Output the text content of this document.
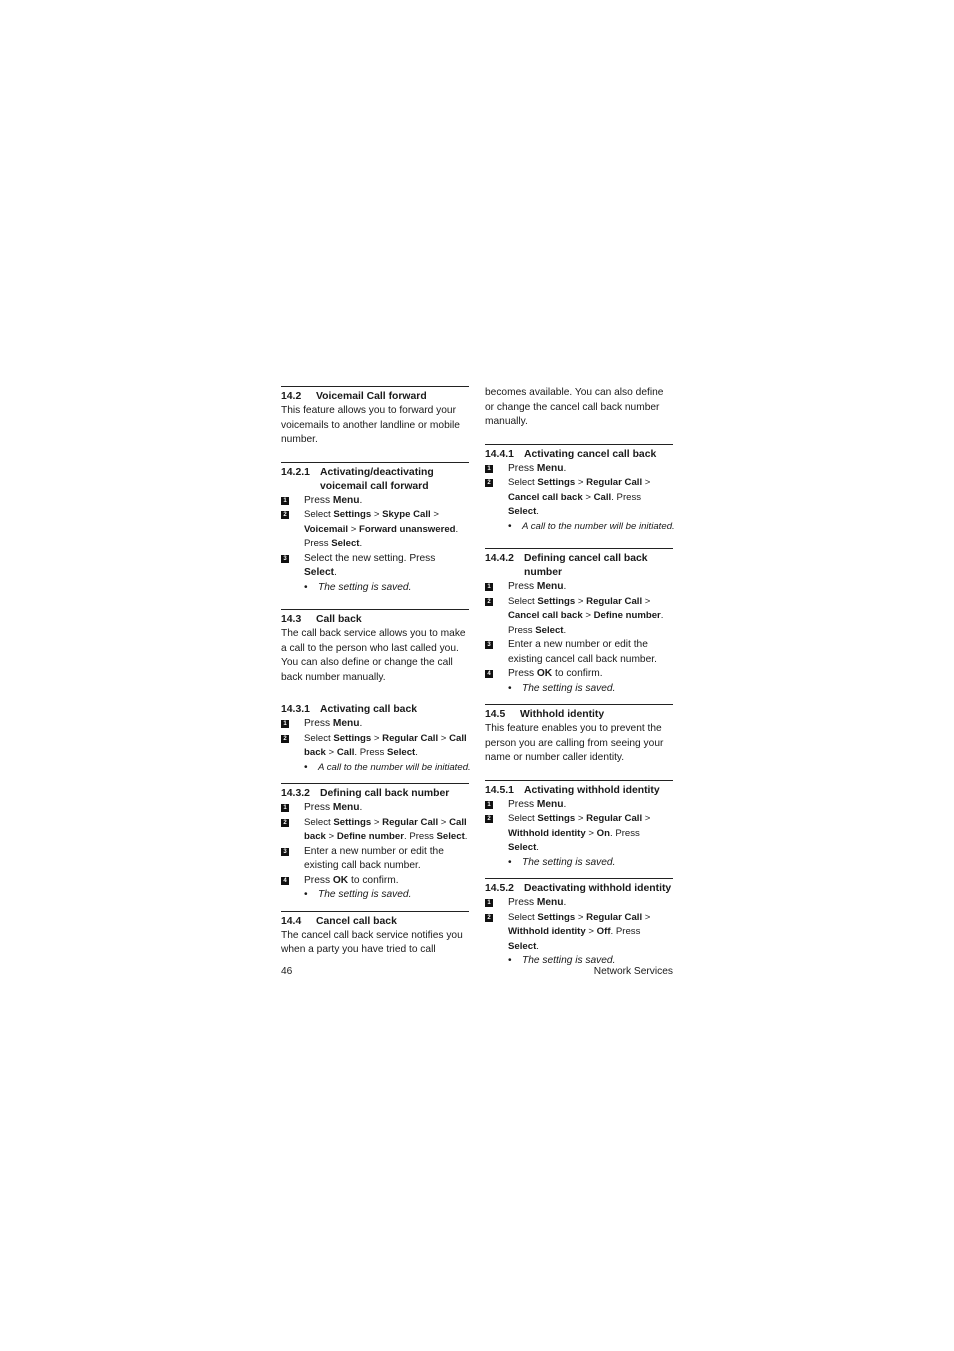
14.2	Voicemail Call forward

This feature allows you to forward your voicemails to another landline or mobile number.

14.2.1 Activating/deactivating voicemail call forward
1 Press Menu.
2 Select Settings > Skype Call > Voicemail > Forward unanswered. Press Select.
3 Select the new setting. Press Select.
•	The setting is saved.
14.3	Call back

The call back service allows you to make a call to the person who last called you. You can also define or change the call back number manually.

14.3.1 Activating call back
1 Press Menu.
2 Select Settings > Regular Call > Call back > Call. Press Select.
•	A call to the number will be initiated.
14.3.2 Defining call back number
1 Press Menu.
2 Select Settings > Regular Call > Call back > Define number. Press Select.
3 Enter a new number or edit the existing call back number.
4 Press OK to confirm.
•	The setting is saved.
14.4	Cancel call back

The cancel call back service notifies you when a party you have tried to call

becomes available. You can also define or change the cancel call back number manually.

14.4.1 Activating cancel call back
1 Press Menu.
2 Select Settings > Regular Call > Cancel call back > Call. Press Select.
•	A call to the number will be initiated.
14.4.2 Defining cancel call back number
1 Press Menu.
2 Select Settings > Regular Call > Cancel call back > Define number. Press Select.
3 Enter a new number or edit the existing cancel call back number.
4 Press OK to confirm.
•	The setting is saved.
14.5	Withhold identity

This feature enables you to prevent the person you are calling from seeing your name or number caller identity.

14.5.1 Activating withhold identity
1 Press Menu.
2 Select Settings > Regular Call > Withhold identity > On. Press Select.
•	The setting is saved.
14.5.2 Deactivating withhold identity
1 Press Menu.
2 Select Settings > Regular Call > Withhold identity > Off. Press Select.
•	The setting is saved.
46	Network Services
